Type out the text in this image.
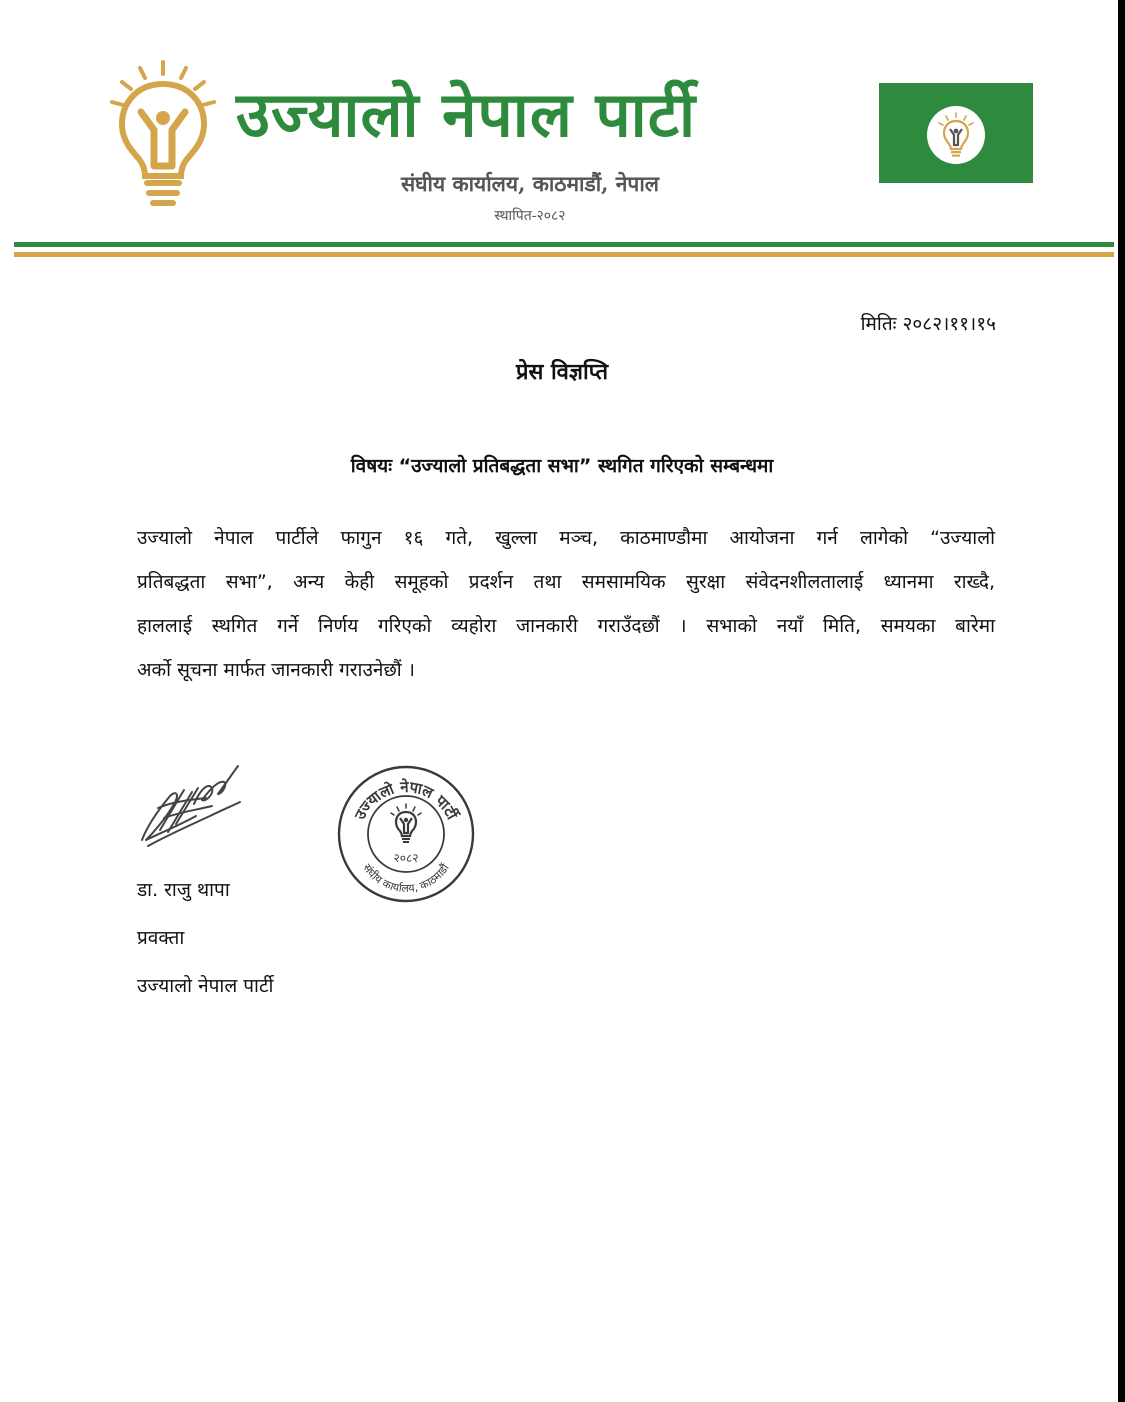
उज्यालो नेपाल पार्टी
संघीय कार्यालय, काठमाडौं, नेपाल
स्थापित-२०८२
मितिः २०८२।११।१५
प्रेस विज्ञप्ति
विषयः “उज्यालो प्रतिबद्धता सभा” स्थगित गरिएको सम्बन्धमा
उज्यालो नेपाल पार्टीले फागुन १६ गते, खुल्ला मञ्च, काठमाण्डौमा आयोजना गर्न लागेको “उज्यालो
प्रतिबद्धता सभा”, अन्य केही समूहको प्रदर्शन तथा समसामयिक सुरक्षा संवेदनशीलतालाई ध्यानमा राख्दै,
हाललाई स्थगित गर्ने निर्णय गरिएको व्यहोरा जानकारी गराउँदछौं । सभाको नयाँ मिति, समयका बारेमा
अर्को सूचना मार्फत जानकारी गराउनेछौं ।
उज्यालो नेपाल पार्टी
संघीय कार्यालय, काठमाडौं
२०८२
डा. राजु थापा
प्रवक्ता
उज्यालो नेपाल पार्टी
